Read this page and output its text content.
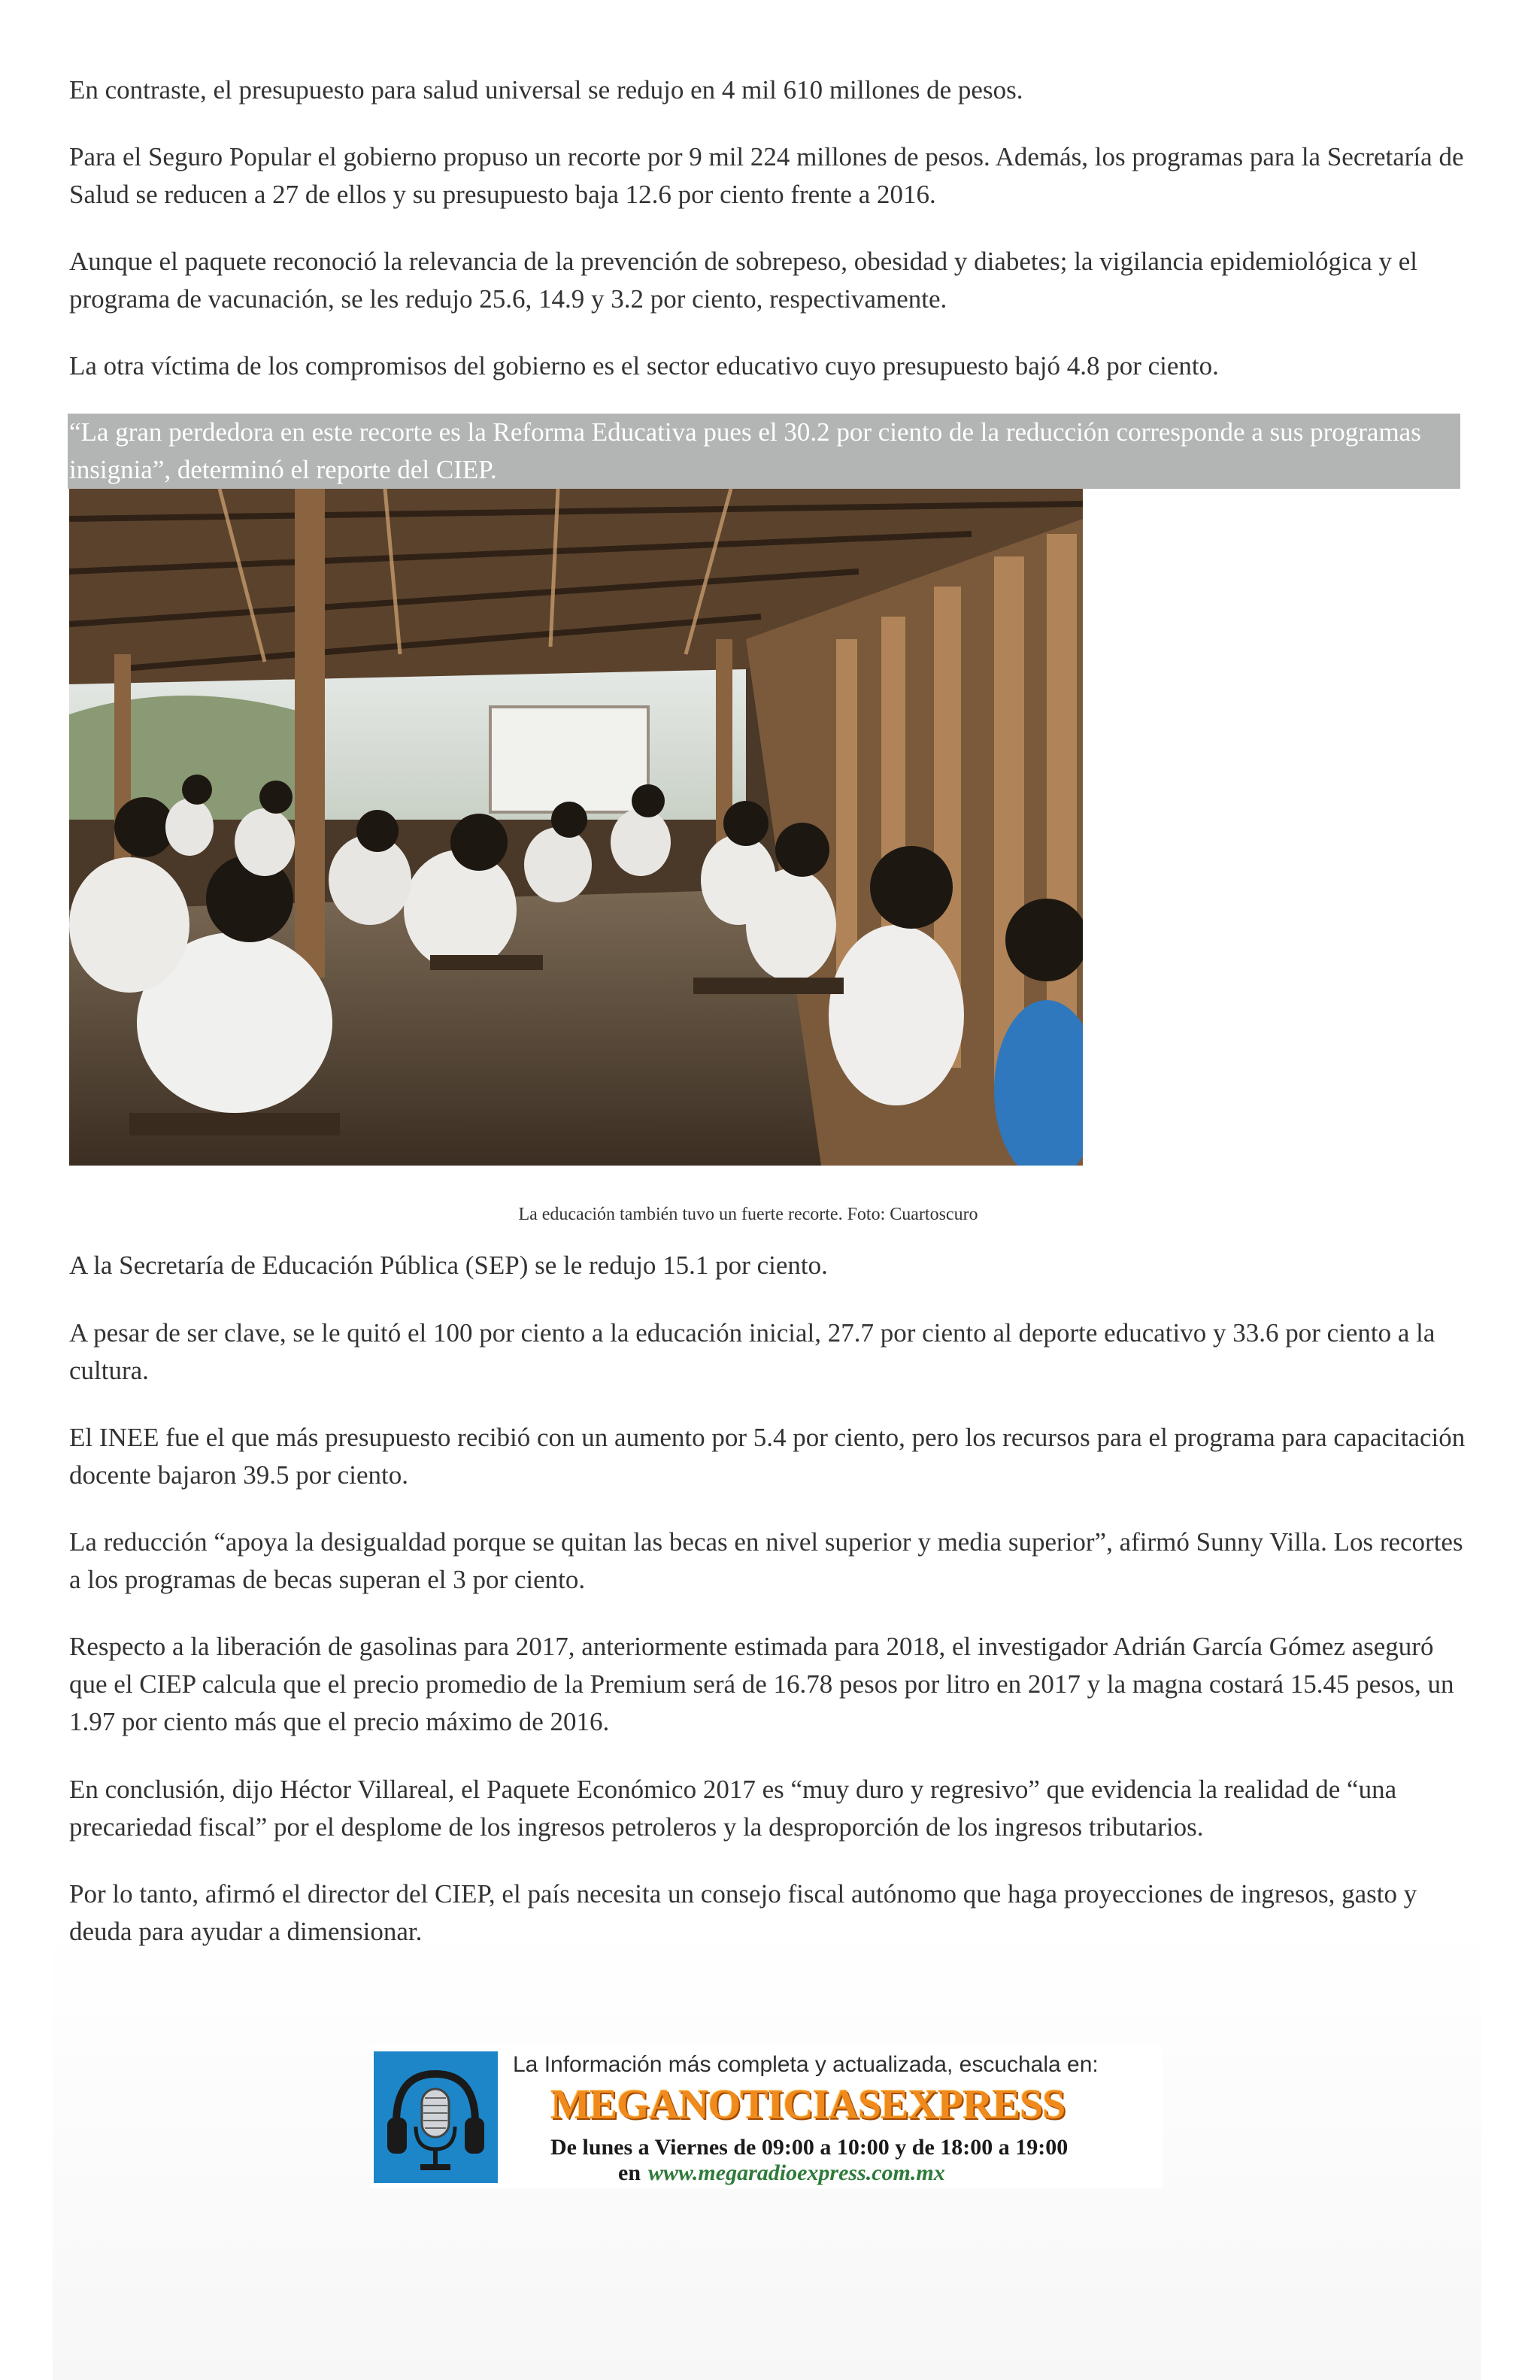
En contraste, el presupuesto para salud universal se redujo en 4 mil 610 millones de pesos.

Para el Seguro Popular el gobierno propuso un recorte por 9 mil 224 millones de pesos. Además, los programas para la Secretaría de Salud se reducen a 27 de ellos y su presupuesto baja 12.6 por ciento frente a 2016.

Aunque el paquete reconoció la relevancia de la prevención de sobrepeso, obesidad y diabetes; la vigilancia epidemiológica y el programa de vacunación, se les redujo 25.6, 14.9 y 3.2 por ciento, respectivamente.

La otra víctima de los compromisos del gobierno es el sector educativo cuyo presupuesto bajó 4.8 por ciento.

“La gran perdedora en este recorte es la Reforma Educativa pues el 30.2 por ciento de la reducción corresponde a sus programas insignia”, determinó el reporte del CIEP.

La educación también tuvo un fuerte recorte. Foto: Cuartoscuro

A la Secretaría de Educación Pública (SEP) se le redujo 15.1 por ciento.

A pesar de ser clave, se le quitó el 100 por ciento a la educación inicial, 27.7 por ciento al deporte educativo y 33.6 por ciento a la cultura.

El INEE fue el que más presupuesto recibió con un aumento por 5.4 por ciento, pero los recursos para el programa para capacitación docente bajaron 39.5 por ciento.

La reducción “apoya la desigualdad porque se quitan las becas en nivel superior y media superior”, afirmó Sunny Villa. Los recortes a los programas de becas superan el 3 por ciento.

Respecto a la liberación de gasolinas para 2017, anteriormente estimada para 2018, el investigador Adrián García Gómez aseguró que el CIEP calcula que el precio promedio de la Premium será de 16.78 pesos por litro en 2017 y la magna costará 15.45 pesos, un 1.97 por ciento más que el precio máximo de 2016.

En conclusión, dijo Héctor Villareal, el Paquete Económico 2017 es “muy duro y regresivo” que evidencia la realidad de “una precariedad fiscal” por el desplome de los ingresos petroleros y la desproporción de los ingresos tributarios.

Por lo tanto, afirmó el director del CIEP, el país necesita un consejo fiscal autónomo que haga proyecciones de ingresos, gasto y deuda para ayudar a dimensionar.

La Información más completa y actualizada, escuchala en:
MEGANOTICIASEXPRESS
De lunes a Viernes de 09:00 a 10:00 y de 18:00 a 19:00
en www.megaradioexpress.com.mx
